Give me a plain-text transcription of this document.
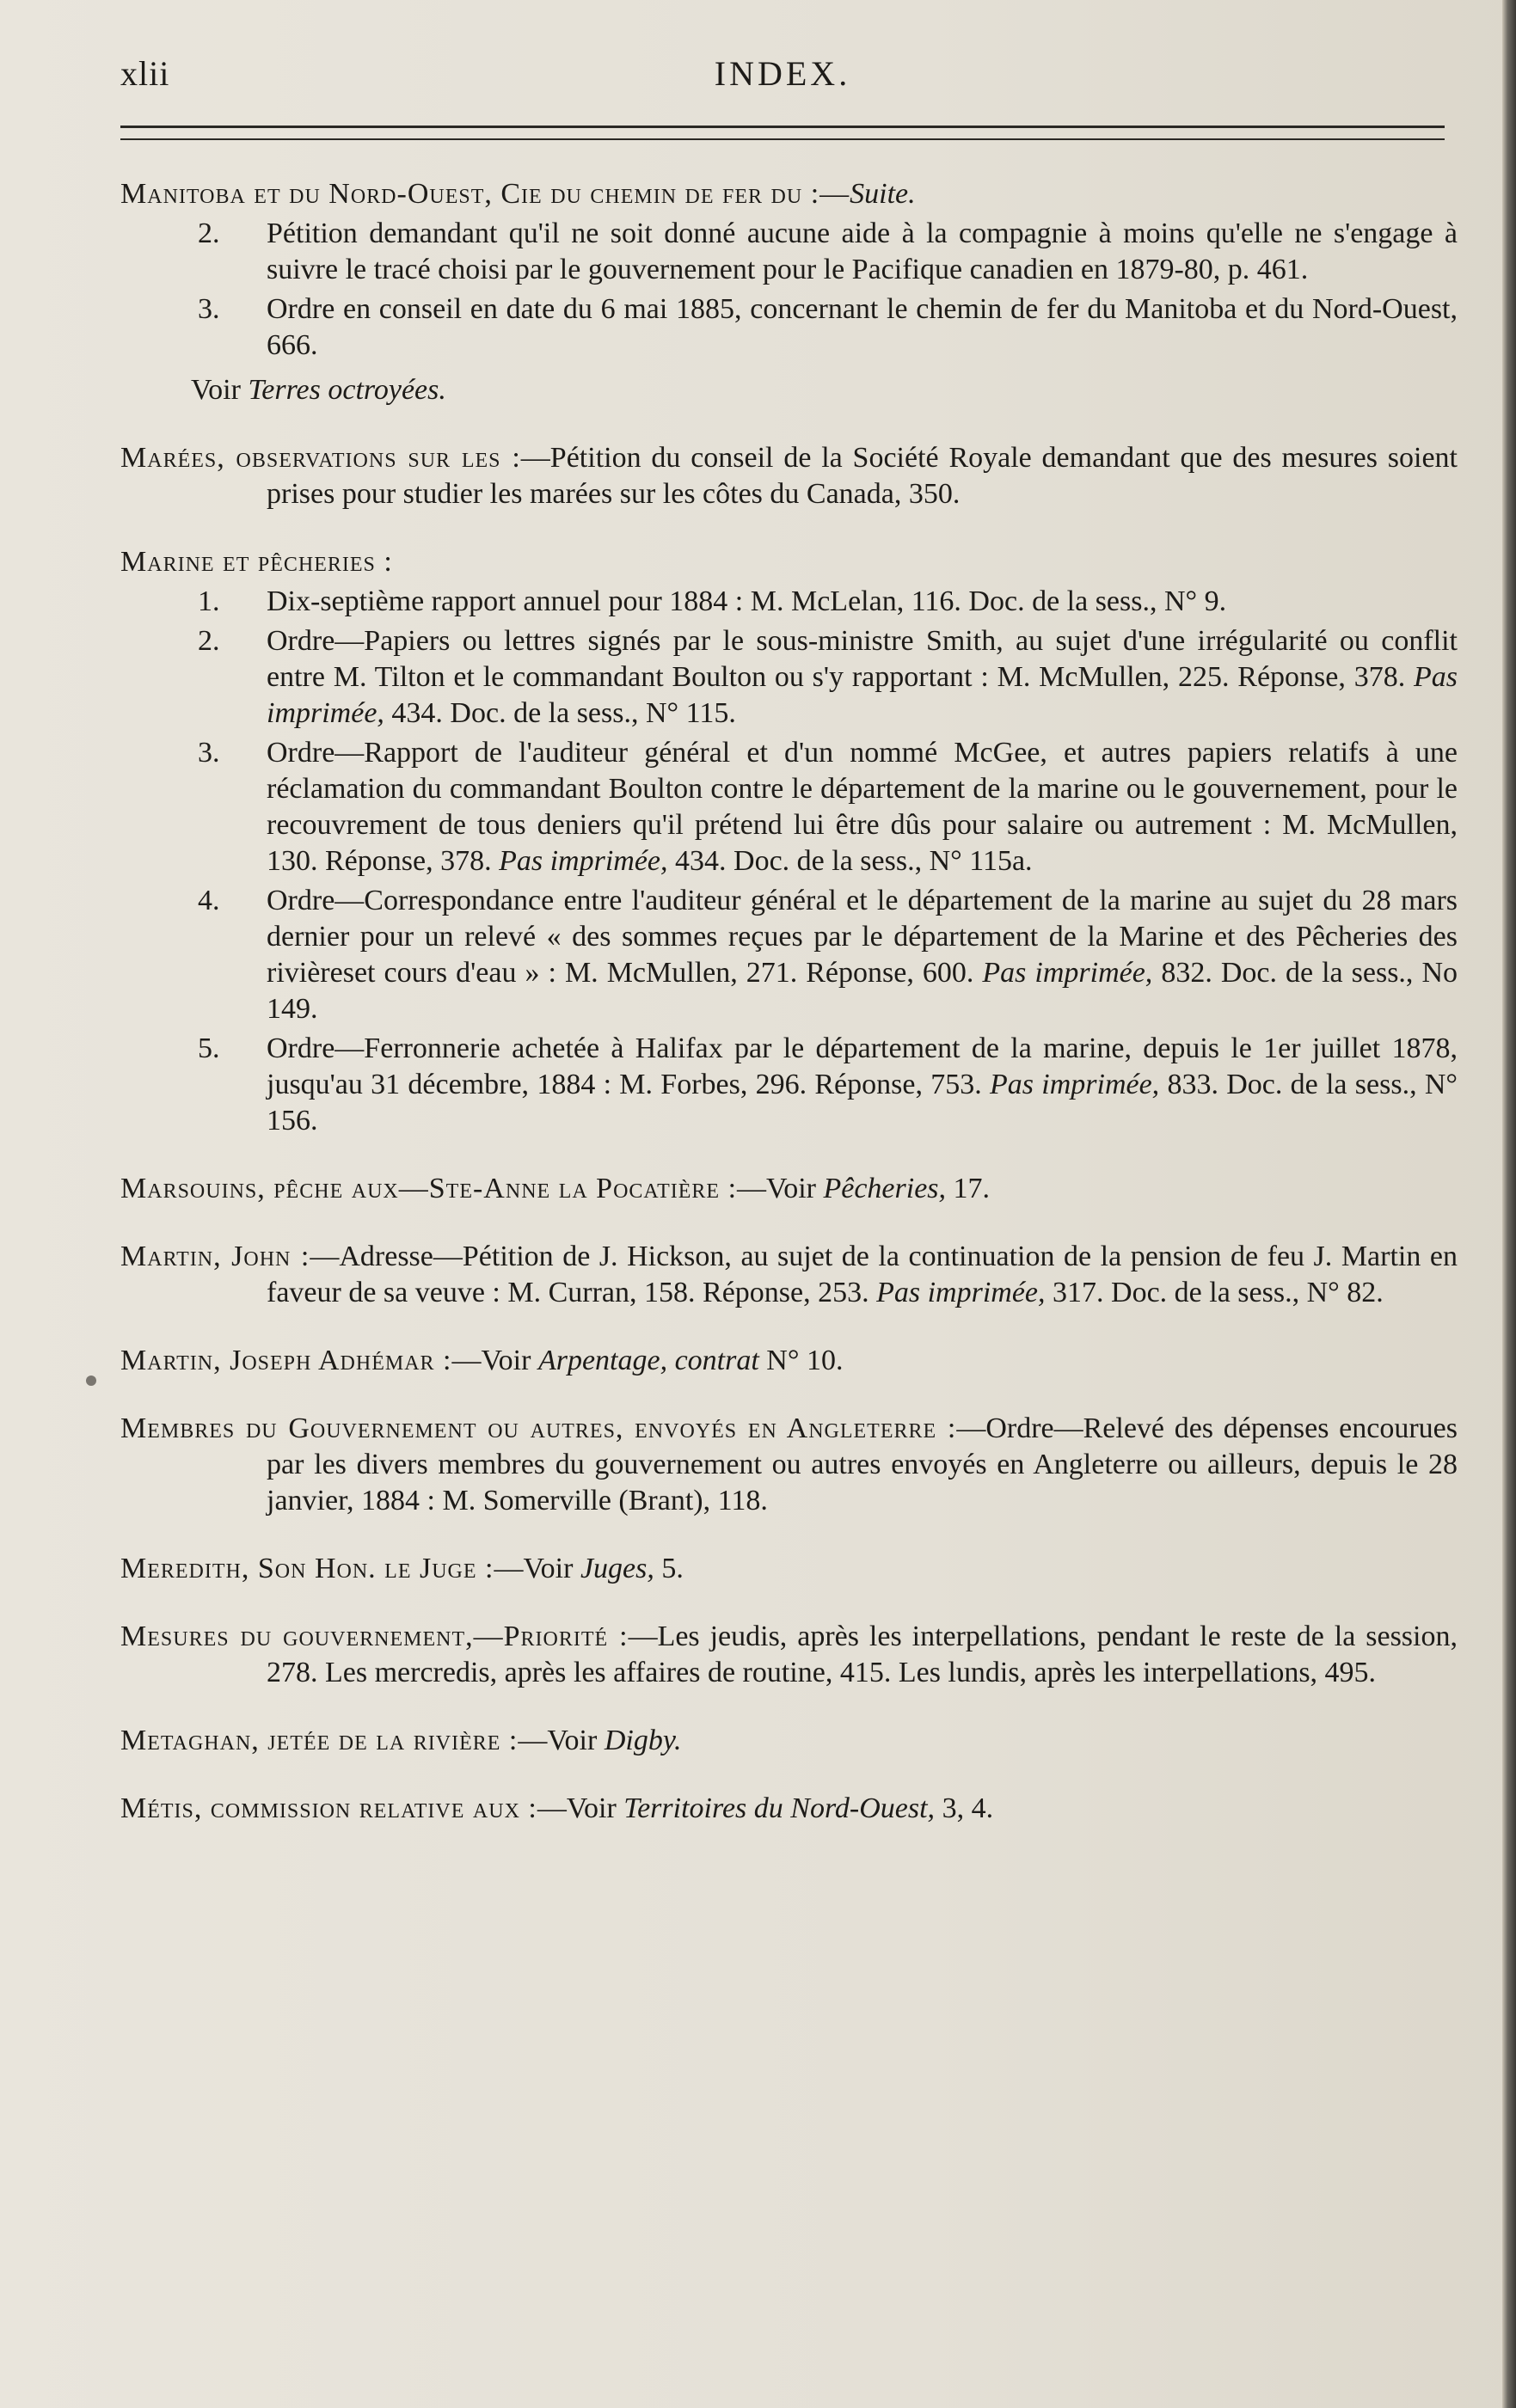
INDEX.
xlii
Manitoba et du Nord-Ouest, Cie du chemin de fer du :—Suite.
2.	Pétition demandant qu'il ne soit donné aucune aide à la compagnie à moins qu'elle ne s'engage à suivre le tracé choisi par le gouvernement pour le Pacifique canadien en 1879-80, p. 461.
3.	Ordre en conseil en date du 6 mai 1885, concernant le chemin de fer du Manitoba et du Nord-Ouest, 666.
Voir Terres octroyées.
Marées, observations sur les :—Pétition du conseil de la Société Royale demandant que des mesures soient prises pour studier les marées sur les côtes du Canada, 350.
Marine et pêcheries :
1.	Dix-septième rapport annuel pour 1884 : M. McLelan, 116. Doc. de la sess., N° 9.
2.	Ordre—Papiers ou lettres signés par le sous-ministre Smith, au sujet d'une irrégularité ou conflit entre M. Tilton et le commandant Boulton ou s'y rapportant : M. McMullen, 225. Réponse, 378. Pas imprimée, 434. Doc. de la sess., N° 115.
3.	Ordre—Rapport de l'auditeur général et d'un nommé McGee, et autres papiers relatifs à une réclamation du commandant Boulton contre le département de la marine ou le gouvernement, pour le recouvrement de tous deniers qu'il prétend lui être dûs pour salaire ou autrement : M. McMullen, 130. Réponse, 378. Pas imprimée, 434. Doc. de la sess., N° 115a.
4.	Ordre—Correspondance entre l'auditeur général et le département de la marine au sujet du 28 mars dernier pour un relevé « des sommes reçues par le département de la Marine et des Pêcheries des rivièreset cours d'eau » : M. McMullen, 271. Réponse, 600. Pas imprimée, 832. Doc. de la sess., No 149.
5.	Ordre—Ferronnerie achetée à Halifax par le département de la marine, depuis le 1er juillet 1878, jusqu'au 31 décembre, 1884 : M. Forbes, 296. Réponse, 753. Pas imprimée, 833. Doc. de la sess., N° 156.
Marsouins, pêche aux—Ste-Anne la Pocatière :—Voir Pêcheries, 17.
Martin, John :—Adresse—Pétition de J. Hickson, au sujet de la continuation de la pension de feu J. Martin en faveur de sa veuve : M. Curran, 158. Réponse, 253. Pas imprimée, 317. Doc. de la sess., N° 82.
Martin, Joseph Adhémar :—Voir Arpentage, contrat N° 10.
Membres du Gouvernement ou autres, envoyés en Angleterre :—Ordre—Relevé des dépenses encourues par les divers membres du gouvernement ou autres envoyés en Angleterre ou ailleurs, depuis le 28 janvier, 1884 : M. Somerville (Brant), 118.
Meredith, Son Hon. le Juge :—Voir Juges, 5.
Mesures du gouvernement,—Priorité :—Les jeudis, après les interpellations, pendant le reste de la session, 278. Les mercredis, après les affaires de routine, 415. Les lundis, après les interpellations, 495.
Metaghan, jetée de la rivière :—Voir Digby.
Métis, commission relative aux :—Voir Territoires du Nord-Ouest, 3, 4.
